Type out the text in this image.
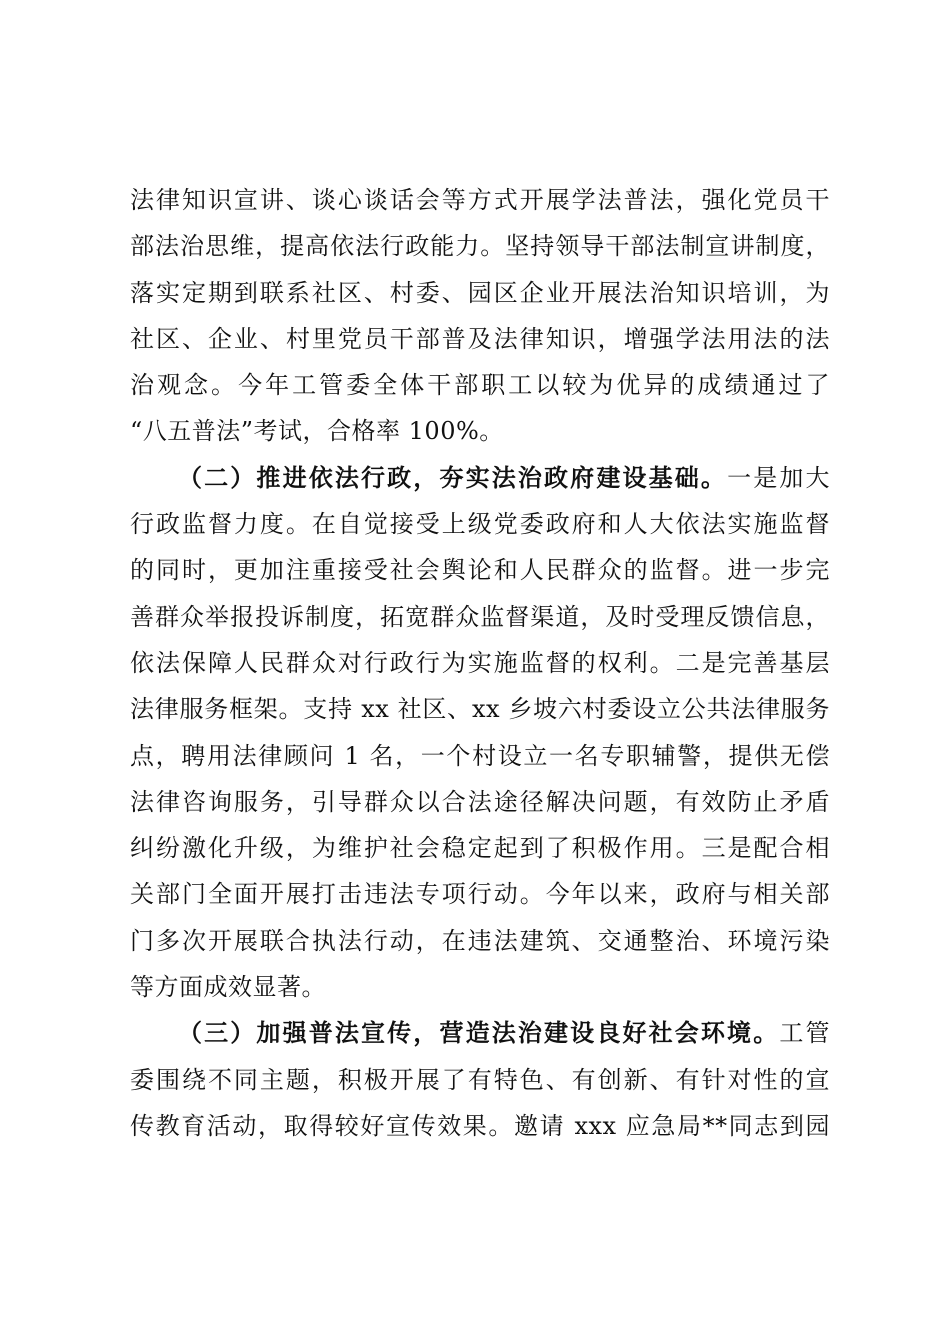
法律知识宣讲、谈心谈话会等方式开展学法普法，强化党员干
部法治思维，提高依法行政能力。坚持领导干部法制宣讲制度，
落实定期到联系社区、村委、园区企业开展法治知识培训，为
社区、企业、村里党员干部普及法律知识，增强学法用法的法
治观念。今年工管委全体干部职工以较为优异的成绩通过了
“八五普法”考试，合格率 100%。
（二）推进依法行政，夯实法治政府建设基础。一是加大
行政监督力度。在自觉接受上级党委政府和人大依法实施监督
的同时，更加注重接受社会舆论和人民群众的监督。进一步完
善群众举报投诉制度，拓宽群众监督渠道，及时受理反馈信息，
依法保障人民群众对行政行为实施监督的权利。二是完善基层
法律服务框架。支持 xx 社区、xx 乡坡六村委设立公共法律服务
点，聘用法律顾问 1 名，一个村设立一名专职辅警，提供无偿
法律咨询服务，引导群众以合法途径解决问题，有效防止矛盾
纠纷激化升级，为维护社会稳定起到了积极作用。三是配合相
关部门全面开展打击违法专项行动。今年以来，政府与相关部
门多次开展联合执法行动，在违法建筑、交通整治、环境污染
等方面成效显著。
（三）加强普法宣传，营造法治建设良好社会环境。工管
委围绕不同主题，积极开展了有特色、有创新、有针对性的宣
传教育活动，取得较好宣传效果。邀请 xxx 应急局**同志到园
